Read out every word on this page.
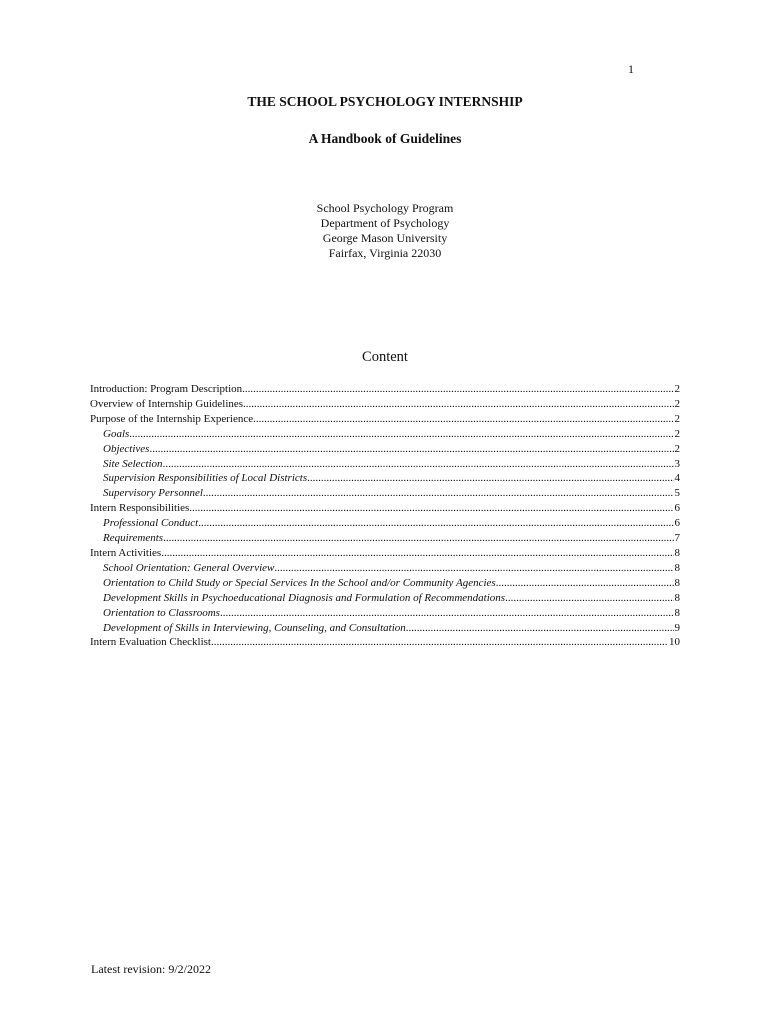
1
THE SCHOOL PSYCHOLOGY INTERNSHIP
A Handbook of Guidelines
School Psychology Program
Department of Psychology
George Mason University
Fairfax, Virginia 22030
Content
Introduction: Program Description .....	2
Overview of Internship Guidelines .....	2
Purpose of the Internship Experience .....	2
Goals .....	2
Objectives .....	2
Site Selection .....	3
Supervision Responsibilities of Local Districts .....	4
Supervisory Personnel .....	5
Intern Responsibilities .....	6
Professional Conduct .....	6
Requirements .....	7
Intern Activities .....	8
School Orientation: General Overview .....	8
Orientation to Child Study or Special Services In the School and/or Community Agencies .....	8
Development Skills in Psychoeducational Diagnosis and Formulation of Recommendations .....	8
Orientation to Classrooms .....	8
Development of Skills in Interviewing, Counseling, and Consultation .....	9
Intern Evaluation Checklist .....	10
Latest revision: 9/2/2022
